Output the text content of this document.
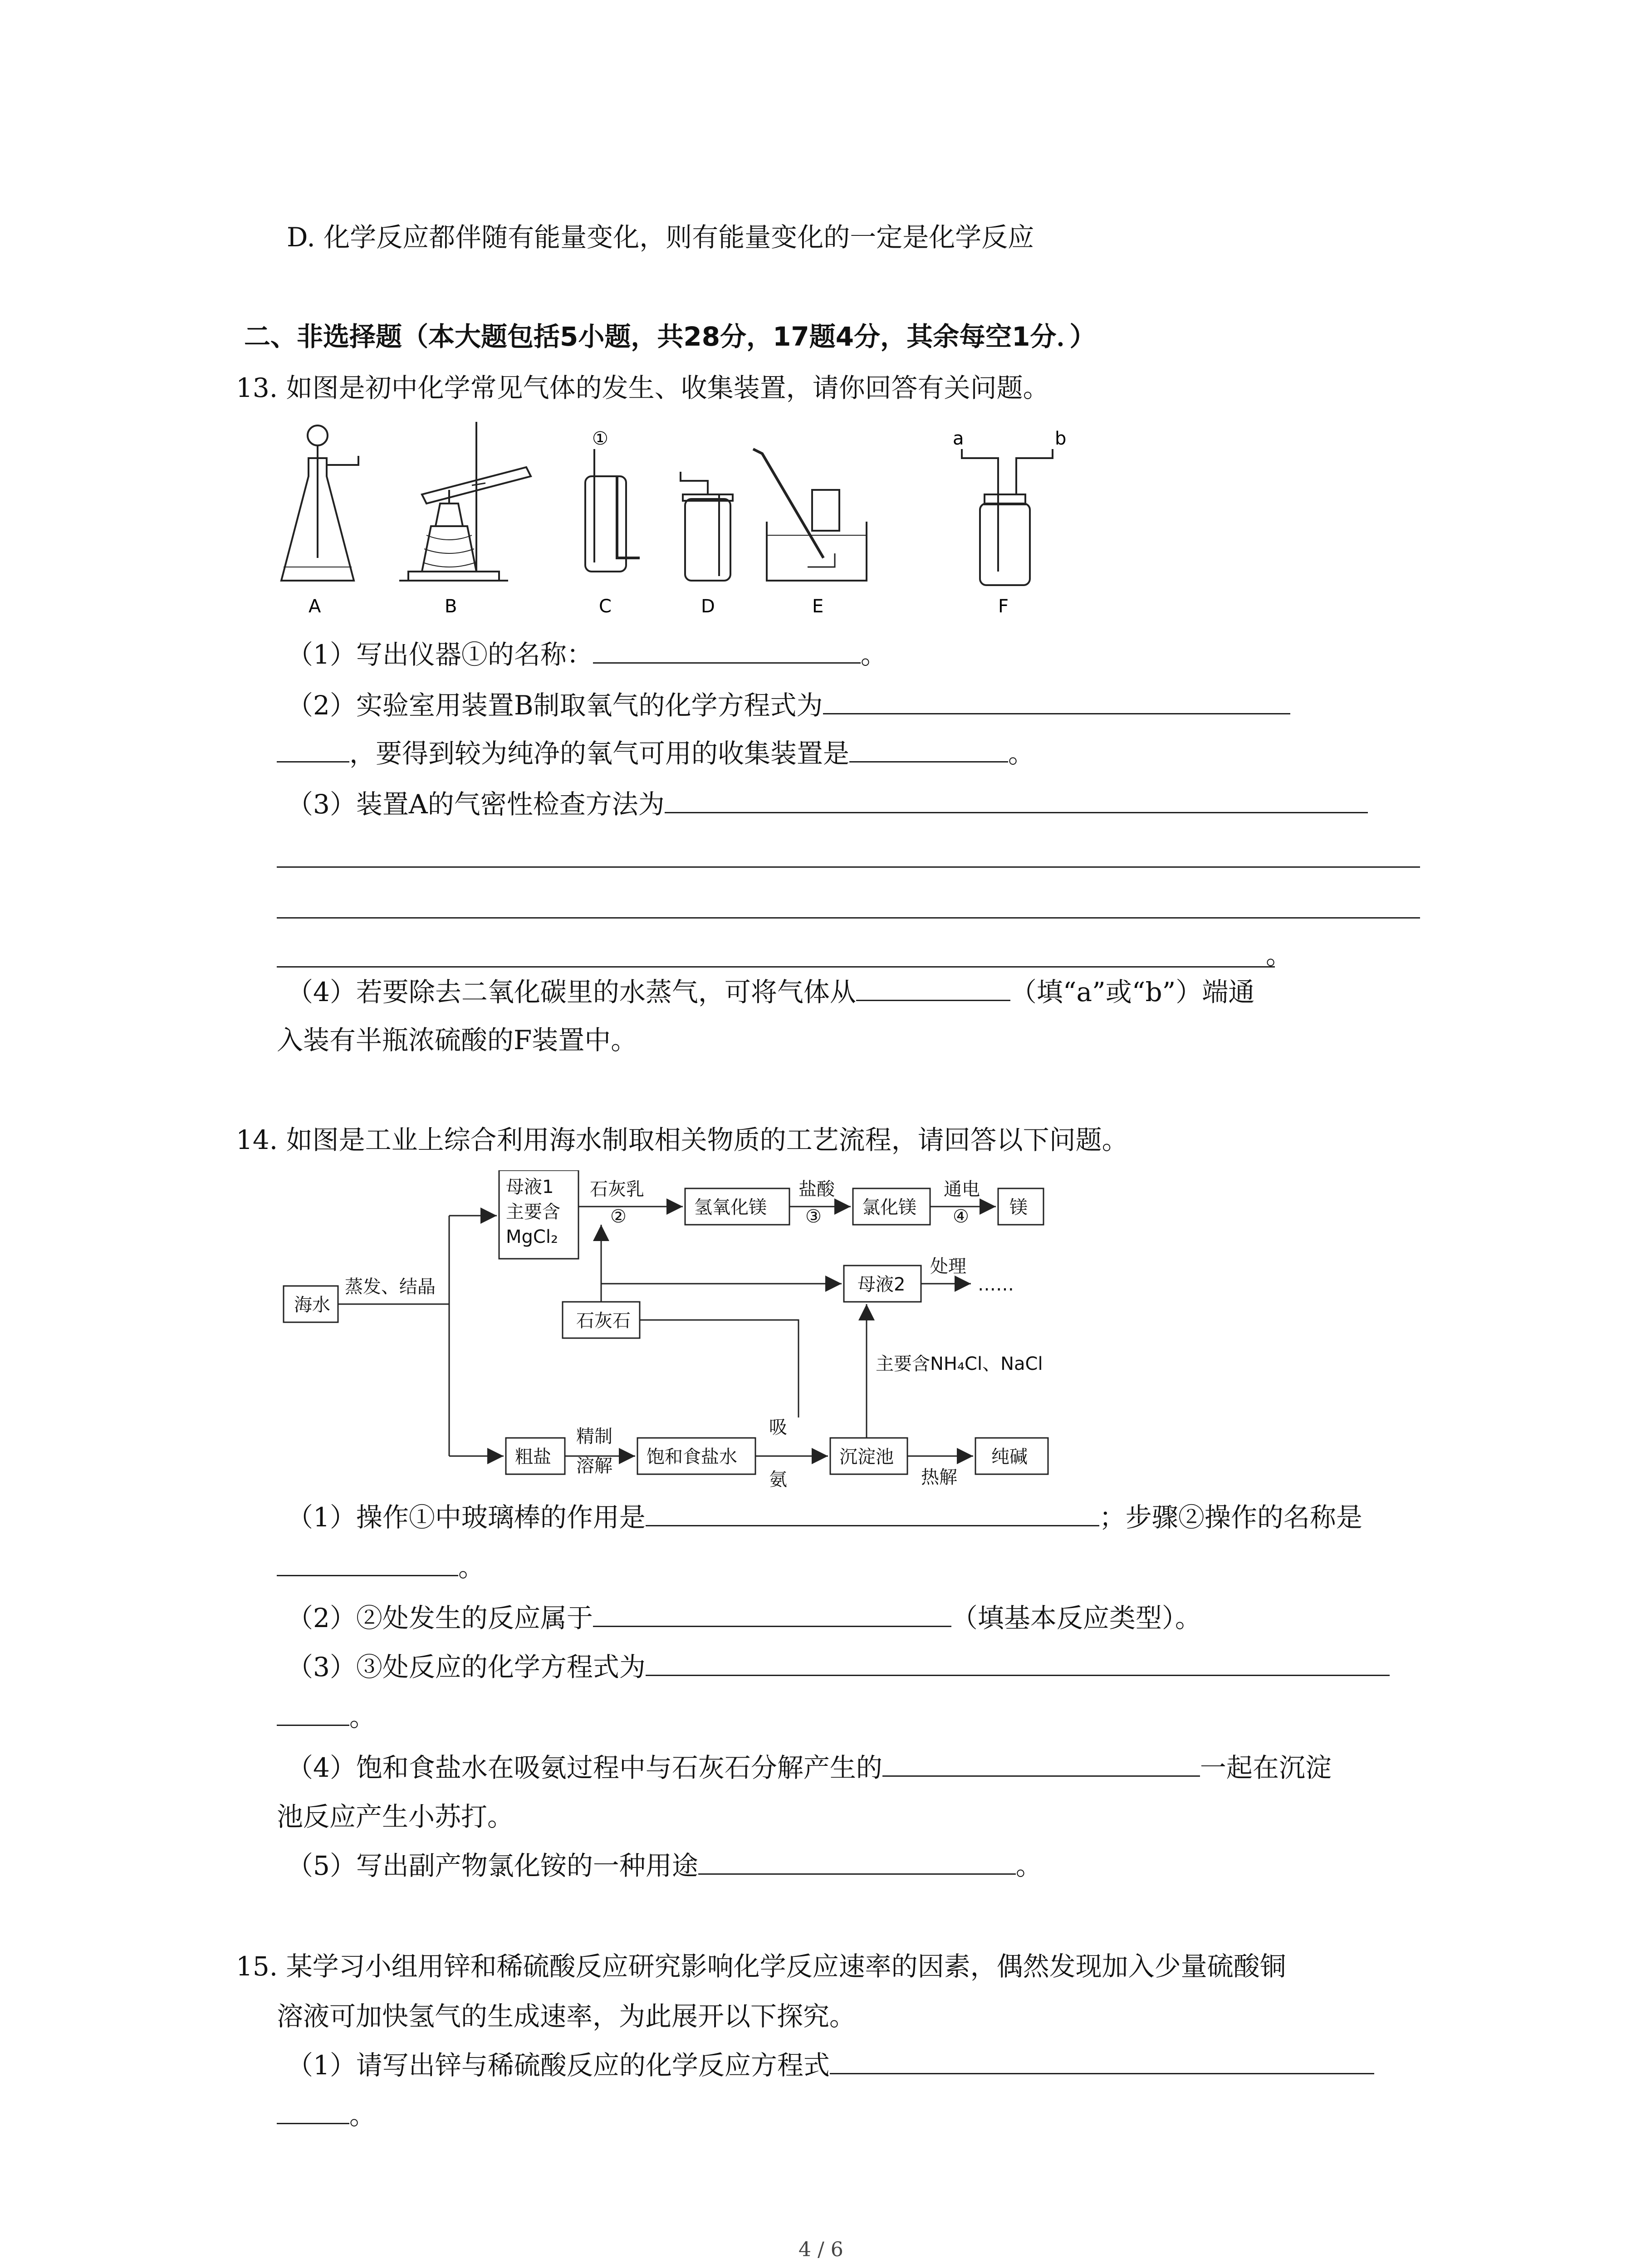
D. 化学反应都伴随有能量变化，则有能量变化的一定是化学反应
二、非选择题（本大题包括5小题，共28分，17题4分，其余每空1分．）
13. 如图是初中化学常见气体的发生、收集装置，请你回答有关问题。
①	a	b
A	B	C	D	E	F
（1）写出仪器①的名称：	。
（2）实验室用装置B制取氧气的化学方程式为
，要得到较为纯净的氧气可用的收集装置是	。
（3）装置A的气密性检查方法为
。
（4）若要除去二氧化碳里的水蒸气，可将气体从	（填“a”或“b”）端通
入装有半瓶浓硫酸的F装置中。
14. 如图是工业上综合利用海水制取相关物质的工艺流程，请回答以下问题。
海水
蒸发、结晶
母液1
主要含
MgCl₂
石灰乳
②	氢氧化镁
盐酸
③ 氯化镁
通电
④ 镁
石灰石
母液2
处理
……
主要含NH₄Cl、NaCl
粗盐
精制
溶解 饱和食盐水
吸
氨
沉淀池
热解
纯碱
（1）操作①中玻璃棒的作用是	；步骤②操作的名称是
。
（2）②处发生的反应属于	（填基本反应类型）。
（3）③处反应的化学方程式为
。
（4）饱和食盐水在吸氨过程中与石灰石分解产生的	一起在沉淀
池反应产生小苏打。
（5）写出副产物氯化铵的一种用途	。
15. 某学习小组用锌和稀硫酸反应研究影响化学反应速率的因素，偶然发现加入少量硫酸铜
溶液可加快氢气的生成速率，为此展开以下探究。
（1）请写出锌与稀硫酸反应的化学反应方程式
。
4 / 6
